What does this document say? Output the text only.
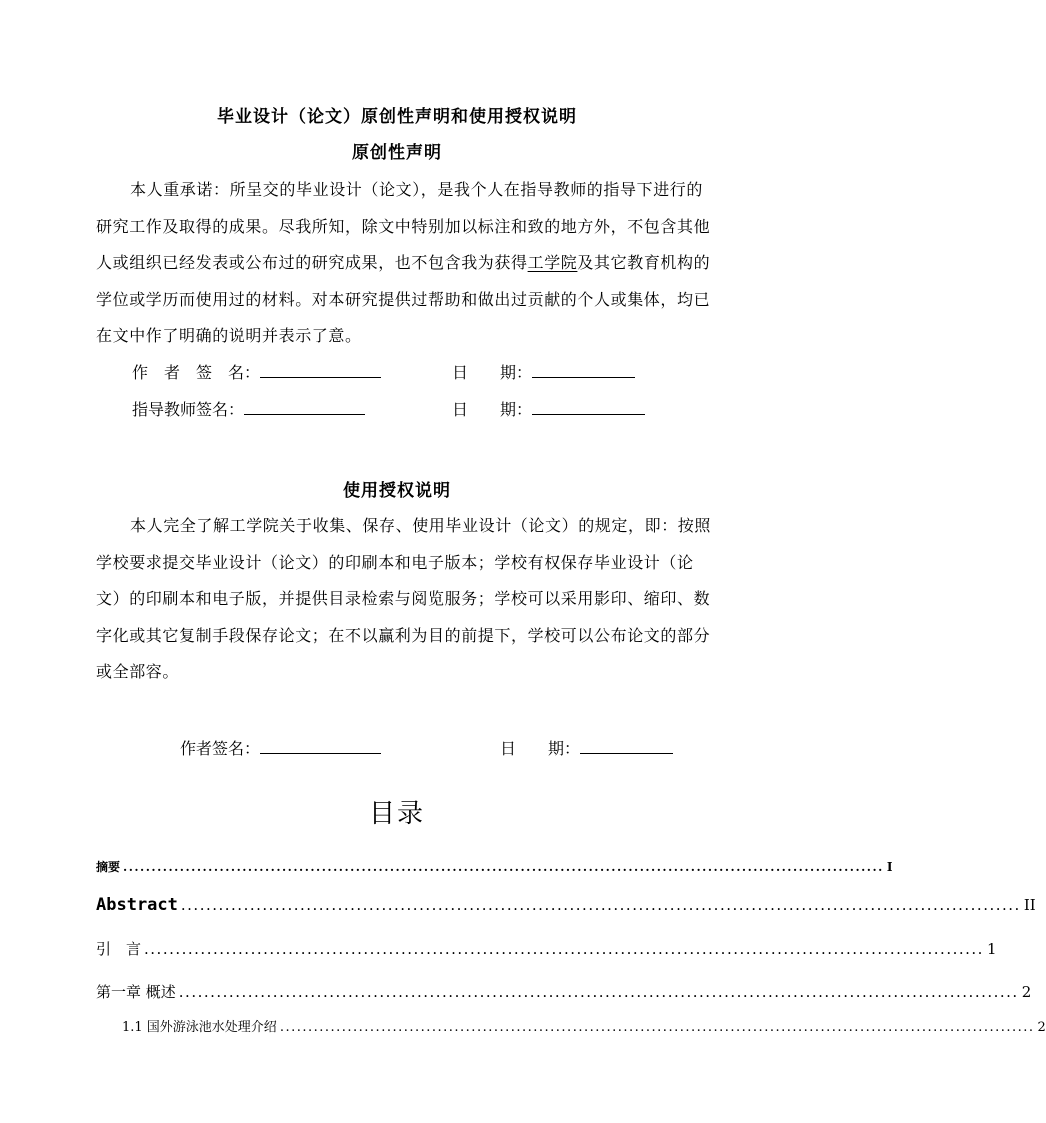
毕业设计（论文）原创性声明和使用授权说明
原创性声明

本人重承诺：所呈交的毕业设计（论文），是我个人在指导教师的指导下进行的研究工作及取得的成果。尽我所知，除文中特别加以标注和致的地方外，不包含其他人或组织已经发表或公布过的研究成果，也不包含我为获得工学院及其它教育机构的学位或学历而使用过的材料。对本研究提供过帮助和做出过贡献的个人或集体，均已在文中作了明确的说明并表示了意。

作　者　签　名：	日　　期：
指导教师签名：	日　　期：
使用授权说明
本人完全了解工学院关于收集、保存、使用毕业设计（论文）的规定，即：按照学校要求提交毕业设计（论文）的印刷本和电子版本；学校有权保存毕业设计（论文）的印刷本和电子版，并提供目录检索与阅览服务；学校可以采用影印、缩印、数字化或其它复制手段保存论文；在不以赢利为目的前提下，学校可以公布论文的部分或全部容。
作者签名：	日　　期：
目录
摘要 ...................................................................................................................................... I
Abstract ...................................................................................................................................... II
引　言 ...................................................................................................................................... 1
第一章 概述 ...................................................................................................................................... 2
1.1 国外游泳池水处理介绍 ...................................................................................................................................... 2
